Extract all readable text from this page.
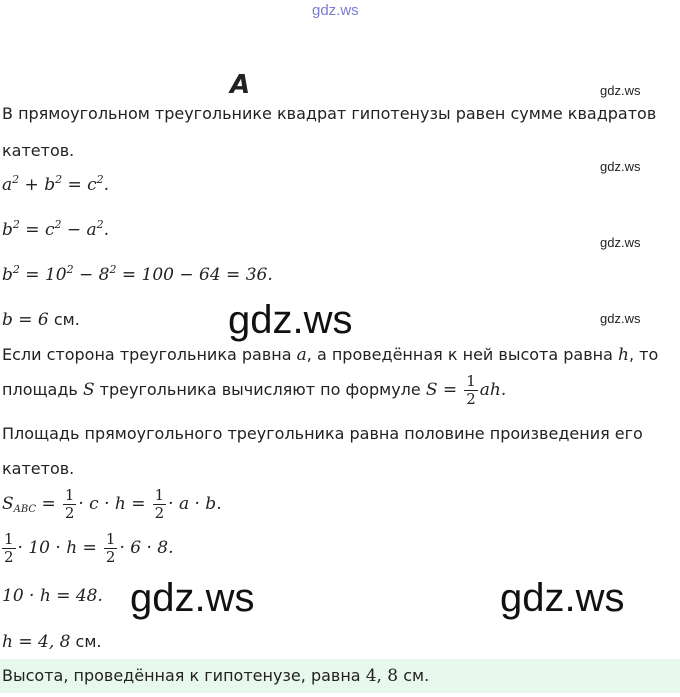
gdz.ws
A	gdz.ws
gdz.ws
gdz.ws
gdz.ws
gdz.ws
gdz.ws	gdz.ws
В прямоугольном треугольнике квадрат гипотенузы равен сумме квадратов
катетов.
$a^2 + b^2 = c^2$.
$b^2 = c^2 - a^2$.
$b^2 = 10^2 - 8^2 = 100 - 64 = 36$.
b = 6 см.
Если сторона треугольника равна a, а проведённая к ней высота равна h, то
площадь S треугольника вычисляют по формуле $S = \frac{1}{2}$ ah.
Площадь прямоугольного треугольника равна половине произведения его
катетов.
$S_{ABC} = \frac{1}{2} \cdot c \cdot h = \frac{1}{2} \cdot a \cdot b$.
$\frac{1}{2} \cdot 10 \cdot h = \frac{1}{2} \cdot 6 \cdot 8$.
10 · h = 48.
h = 4, 8 см.
Высота, проведённая к гипотенузе, равна 4, 8 см.
